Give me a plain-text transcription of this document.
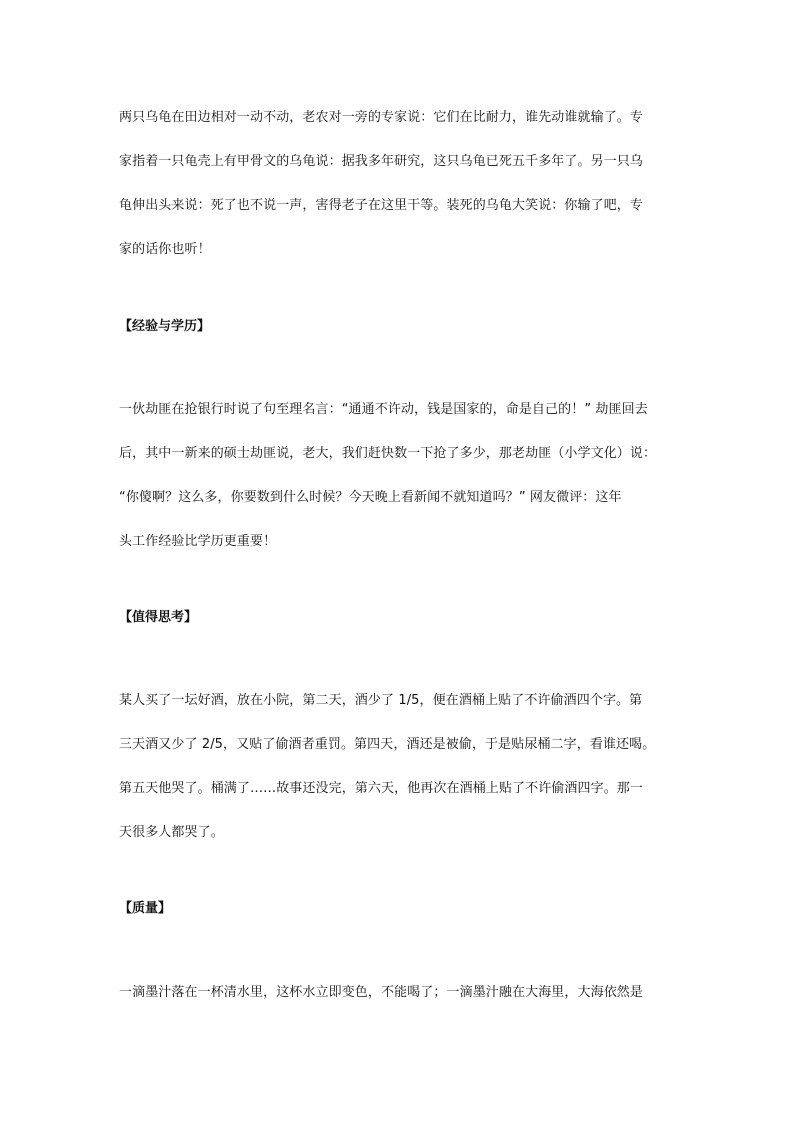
两只乌龟在田边相对一动不动，老农对一旁的专家说：它们在比耐力，谁先动谁就输了。专
家指着一只龟壳上有甲骨文的乌龟说：据我多年研究，这只乌龟已死五千多年了。另一只乌
龟伸出头来说：死了也不说一声，害得老子在这里干等。装死的乌龟大笑说：你输了吧，专
家的话你也听！
【经验与学历】
一伙劫匪在抢银行时说了句至理名言：“通通不许动，钱是国家的，命是自己的！” 劫匪回去
后，其中一新来的硕士劫匪说，老大，我们赶快数一下抢了多少，那老劫匪（小学文化）说：
“你傻啊？这么多，你要数到什么时候？今天晚上看新闻不就知道吗？” 网友微评：这年
头工作经验比学历更重要！
【值得思考】
某人买了一坛好酒，放在小院，第二天，酒少了 1/5，便在酒桶上贴了不许偷酒四个字。第
三天酒又少了 2/5，又贴了偷酒者重罚。第四天，酒还是被偷，于是贴尿桶二字，看谁还喝。
第五天他哭了。桶满了……故事还没完，第六天，他再次在酒桶上贴了不许偷酒四字。那一
天很多人都哭了。
【质量】
一滴墨汁落在一杯清水里，这杯水立即变色，不能喝了；一滴墨汁融在大海里，大海依然是
